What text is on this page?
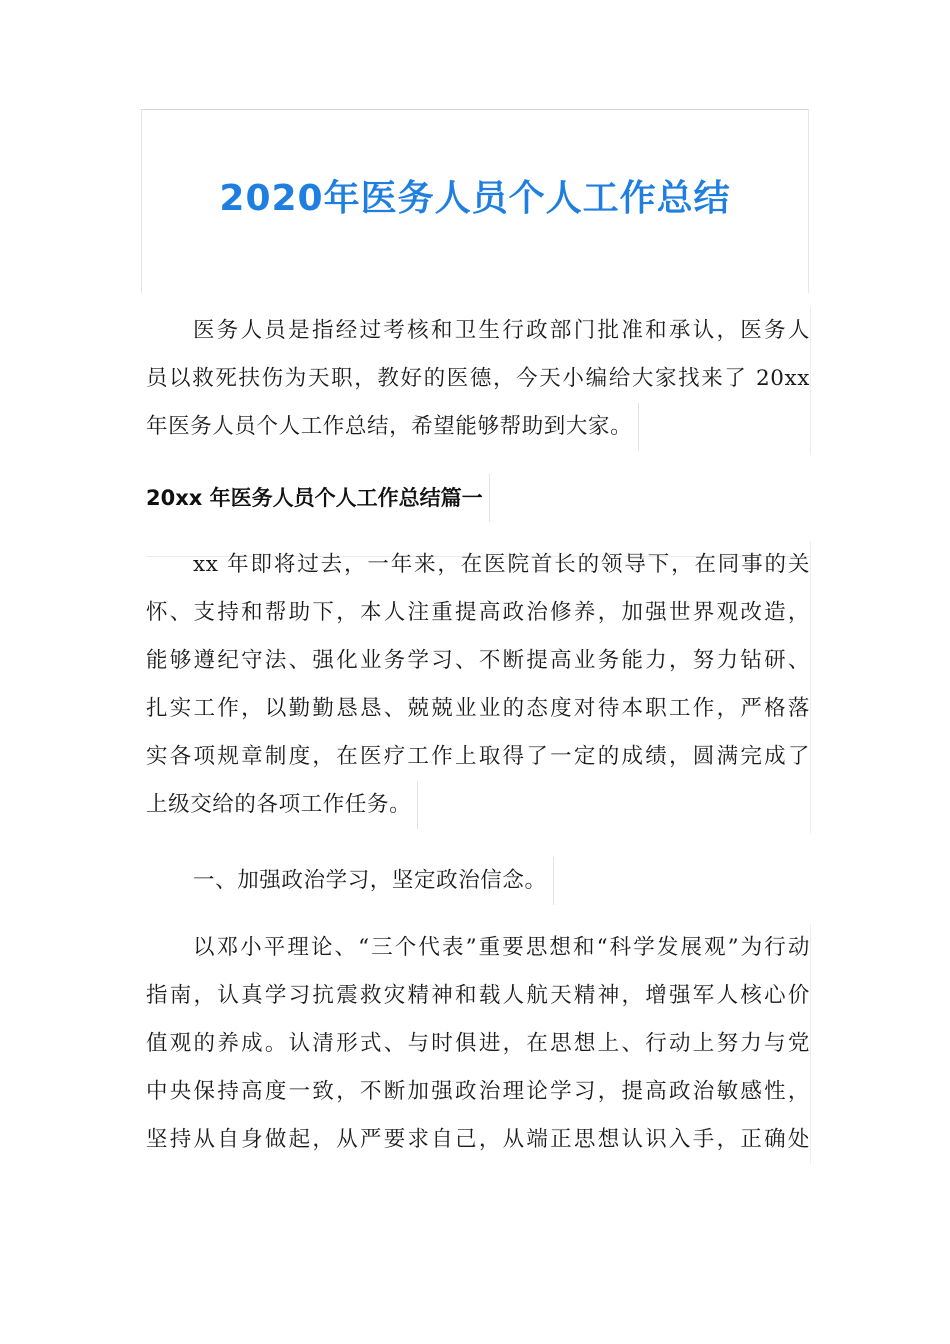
2020年医务人员个人工作总结
医务人员是指经过考核和卫生行政部门批准和承认，医务人
员以救死扶伤为天职，教好的医德，今天小编给大家找来了 20xx
年医务人员个人工作总结，希望能够帮助到大家。
20xx 年医务人员个人工作总结篇一
xx 年即将过去，一年来，在医院首长的领导下，在同事的关
怀、支持和帮助下，本人注重提高政治修养，加强世界观改造，
能够遵纪守法、强化业务学习、不断提高业务能力，努力钻研、
扎实工作，以勤勤恳恳、兢兢业业的态度对待本职工作，严格落
实各项规章制度，在医疗工作上取得了一定的成绩，圆满完成了
上级交给的各项工作任务。
一、加强政治学习，坚定政治信念。
以邓小平理论、“三个代表”重要思想和“科学发展观”为行动
指南，认真学习抗震救灾精神和载人航天精神，增强军人核心价
值观的养成。认清形式、与时俱进，在思想上、行动上努力与党
中央保持高度一致，不断加强政治理论学习，提高政治敏感性，
坚持从自身做起，从严要求自己，从端正思想认识入手，正确处
